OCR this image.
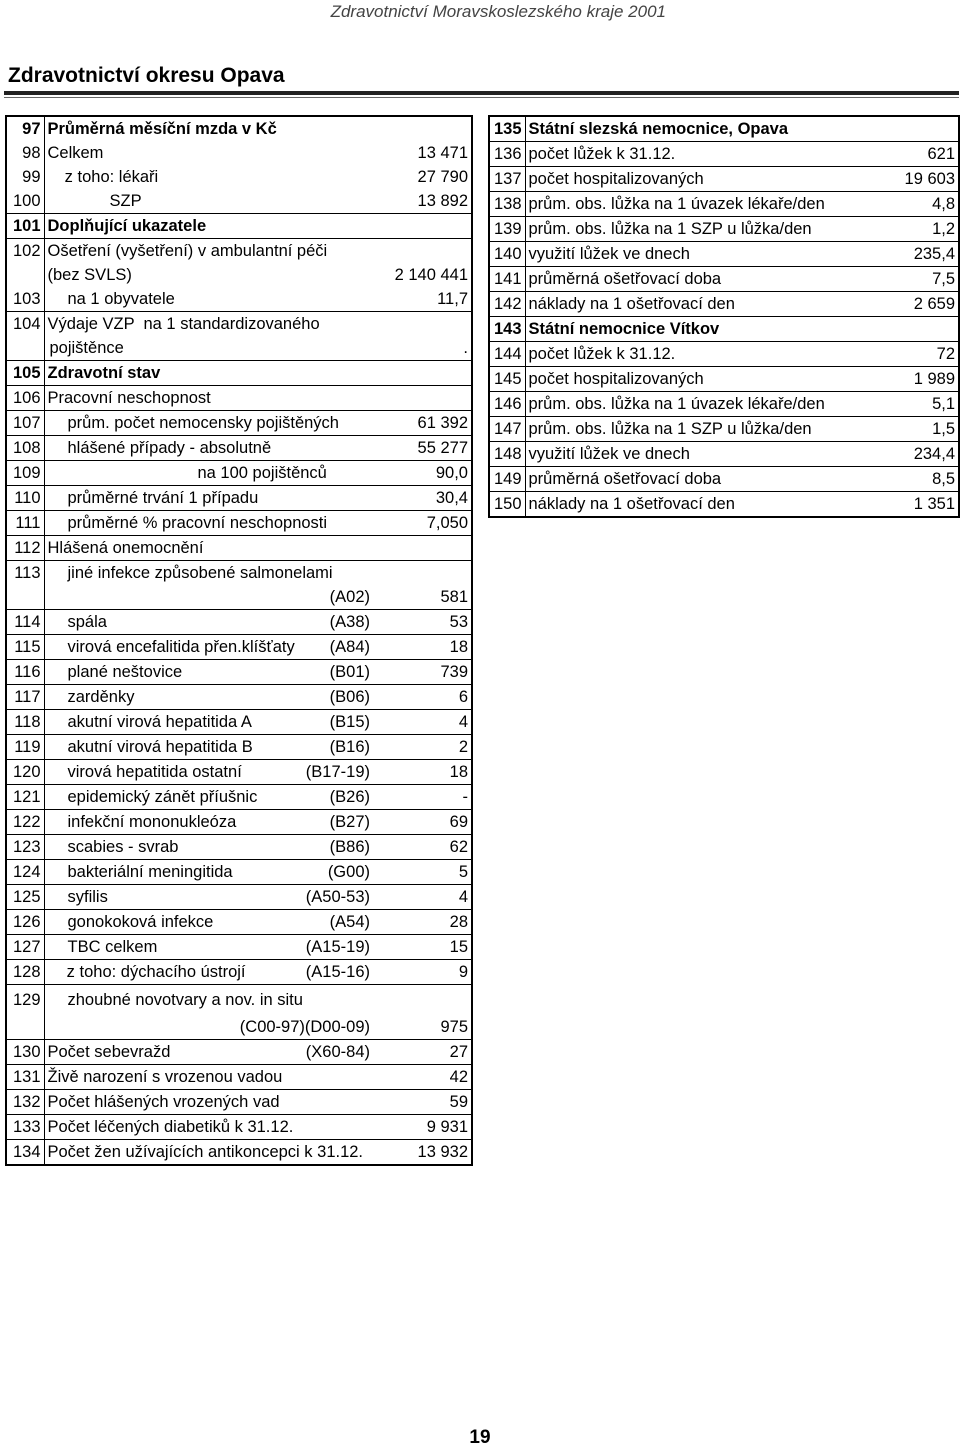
Zdravotnictví Moravskoslezského kraje 2001
Zdravotnictví okresu Opava
97	Průměrná měsíční mzda v Kč

98	Celkem	13 471
99	z toho: lékaři	27 790
100	SZP	13 892
101	Doplňující ukazatele

102	Ošetření (vyšetření) v ambulantní péči

	(bez SVLS)	2 140 441
103	na 1 obyvatele	11,7
104	Výdaje VZP  na 1 standardizovaného

	pojištěnce	.
105	Zdravotní stav

106	Pracovní neschopnost

107	prům. počet nemocensky pojištěných	61 392
108	hlášené případy - absolutně	55 277
109	na 100 pojištěnců	90,0
110	průměrné trvání 1 případu	30,4
111	průměrné % pracovní neschopnosti	7,050
112	Hlášená onemocnění

113	jiné infekce způsobené salmonelami

	(A02)	581
114	spála (A38)	53
115	virová encefalitida přen.klíšťaty (A84)	18
116	plané neštovice (B01)	739
117	zarděnky (B06)	6
118	akutní virová hepatitida A (B15)	4
119	akutní virová hepatitida B (B16)	2
120	virová hepatitida ostatní (B17-19)	18
121	epidemický zánět příušnic (B26)	-
122	infekční mononukleóza (B27)	69
123	scabies - svrab (B86)	62
124	bakteriální meningitida (G00)	5
125	syfilis (A50-53)	4
126	gonokoková infekce (A54)	28
127	TBC celkem (A15-19)	15
128	z toho: dýchacího ústrojí (A15-16)	9
129	zhoubné novotvary a nov. in situ

	(C00-97)(D00-09)	975
130	Počet sebevražd (X60-84)	27
131	Živě narození s vrozenou vadou	42
132	Počet hlášených vrozených vad	59
133	Počet léčených diabetiků k 31.12.	9 931
134	Počet žen užívajících antikoncepci k 31.12.	13 932
135	Státní slezská nemocnice, Opava	
136	počet lůžek k 31.12.	621
137	počet hospitalizovaných	19 603
138	prům. obs. lůžka na 1 úvazek lékaře/den	4,8
139	prům. obs. lůžka na 1 SZP u lůžka/den	1,2
140	využití lůžek ve dnech	235,4
141	průměrná ošetřovací doba	7,5
142	náklady na 1 ošetřovací den	2 659
143	Státní nemocnice Vítkov	
144	počet lůžek k 31.12.	72
145	počet hospitalizovaných	1 989
146	prům. obs. lůžka na 1 úvazek lékaře/den	5,1
147	prům. obs. lůžka na 1 SZP u lůžka/den	1,5
148	využití lůžek ve dnech	234,4
149	průměrná ošetřovací doba	8,5
150	náklady na 1 ošetřovací den	1 351
19
